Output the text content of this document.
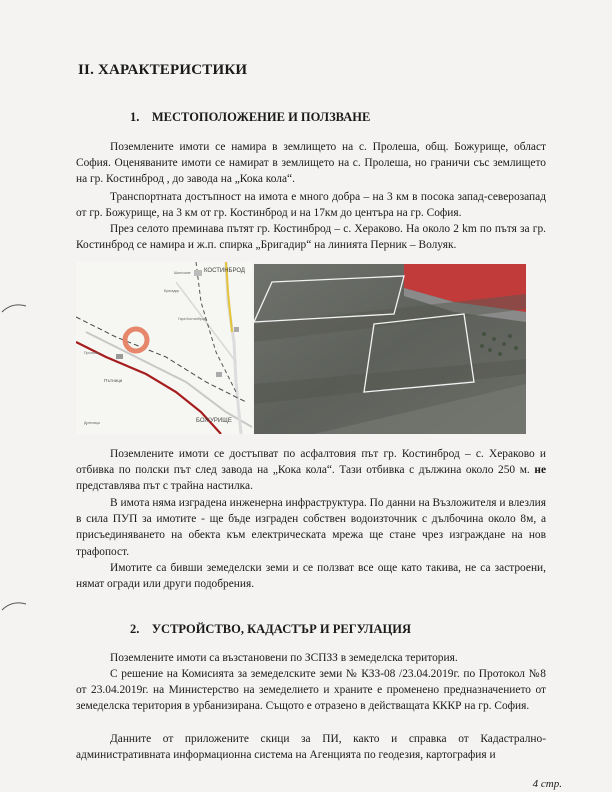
II. ХАРАКТЕРИСТИКИ
1. МЕСТОПОЛОЖЕНИЕ И ПОЛЗВАНЕ

Поземлените имоти се намира в землището на с. Пролеша, общ. Божурище, област София. Оценяваните имоти се намират в землището на с. Пролеша, но граничи със землището на гр. Костинброд , до завода на „Кока кола“.

Транспортната достъпност на имота е много добра – на 3 км в посока запад-северозапад от гр. Божурище, на 3 км от гр. Костинброд и на 17км до центъра на гр. София.

През селото преминава пътят гр. Костинброд – с. Хераково. На около 2 km по пътя за гр. Костинброд се намира и ж.п. спирка „Бригадир“ на линията Перник – Волуяк.

КОСТИНБРОД
БОЖУРИЩЕ
Пътници
Шипочане
Бригадир
Гара Костинброд
Пролеша
Дреновци

Поземлените имоти се достъпват по асфалтовия път гр. Костинброд – с. Хераково и отбивка по полски път след завода на „Кока кола“. Тази отбивка с дължина около 250 м. не представлява път с трайна настилка.

В имота няма изградена инженерна инфраструктура. По данни на Възложителя и влезлия в сила ПУП за имотите - ще бъде изграден собствен водоизточник с дълбочина около 8м, а присъединяването на обекта към електрическата мрежа ще стане чрез изграждане на нов трафопост.

Имотите са бивши земеделски земи и се ползват все още като такива, не са застроени, нямат огради или други подобрения.

2. УСТРОЙСТВО, КАДАСТЪР И РЕГУЛАЦИЯ

Поземлените имоти са възстановени по ЗСПЗЗ в земеделска територия.

С решение на Комисията за земеделските земи № КЗЗ-08 /23.04.2019г. по Протокол №8 от 23.04.2019г. на Министерство на земеделието и храните е променено предназначението от земеделска територия в урбанизирана. Същото е отразено в действащата КККР на гр. София.

Данните от приложените скици за ПИ, както и справка от Кадастрално-административната информационна система на Агенцията по геодезия, картография и

4 стр.
